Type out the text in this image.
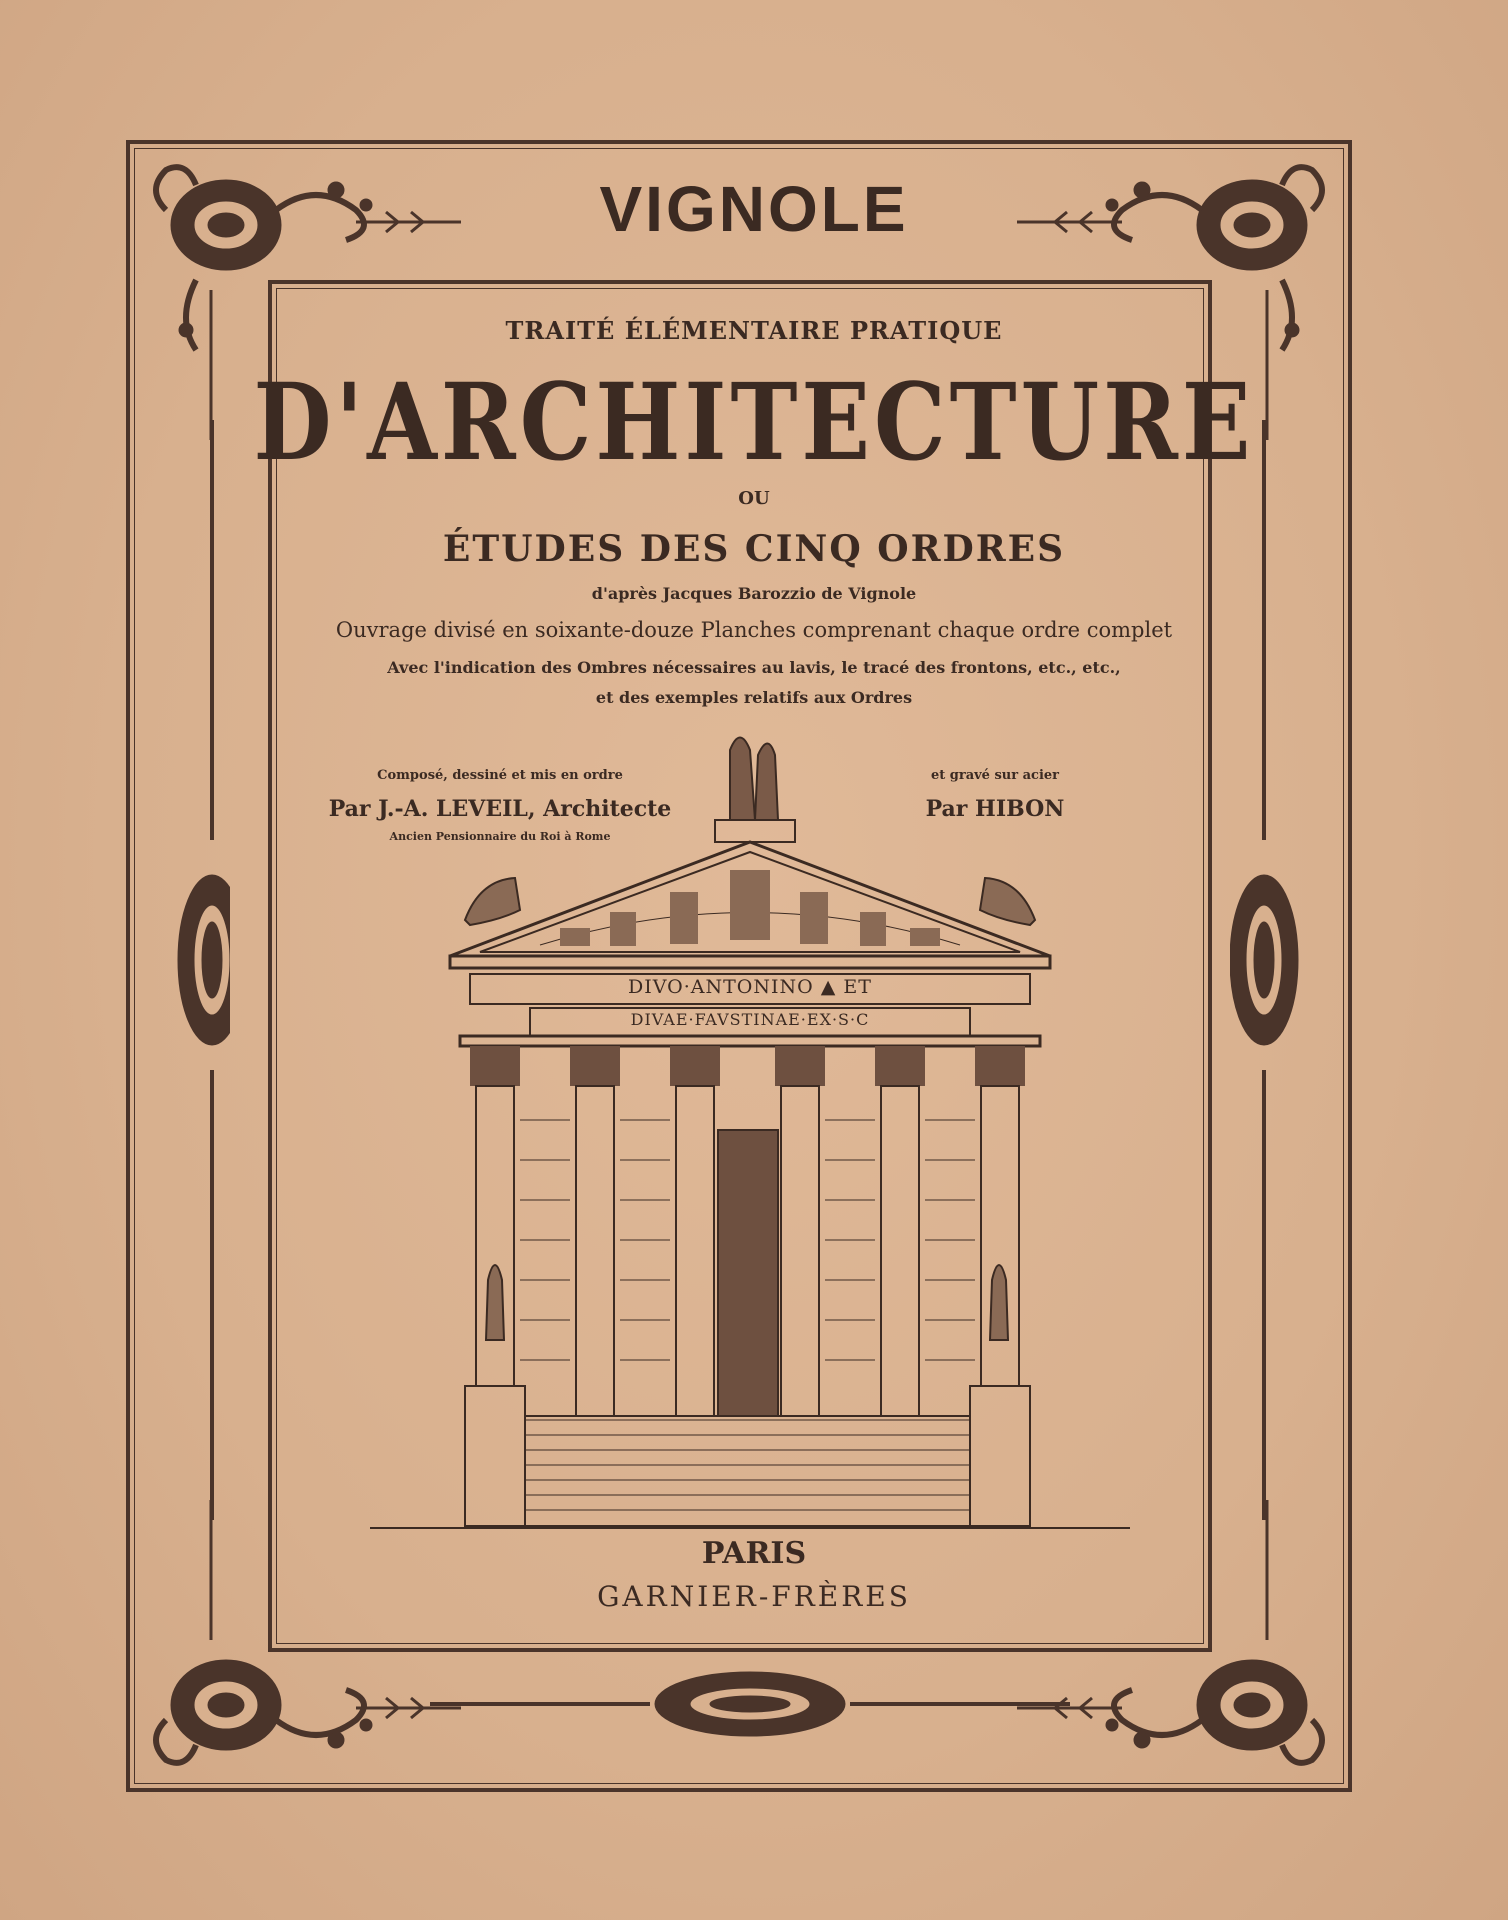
VIGNOLE
TRAITÉ ÉLÉMENTAIRE PRATIQUE
D'ARCHITECTURE
OU
ÉTUDES DES CINQ ORDRES
d'après Jacques Barozzio de Vignole
Ouvrage divisé en soixante-douze Planches comprenant chaque ordre complet
Avec l'indication des Ombres nécessaires au lavis, le tracé des frontons, etc., etc.,
et des exemples relatifs aux Ordres
Composé, dessiné et mis en ordre
Par J.-A. LEVEIL, Architecte
Ancien Pensionnaire du Roi à Rome
et gravé sur acier
Par HIBON
DIVO·ANTONINO ▲ ET
DIVAE·FAVSTINAE·EX·S·C
PARIS
GARNIER-FRÈRES
